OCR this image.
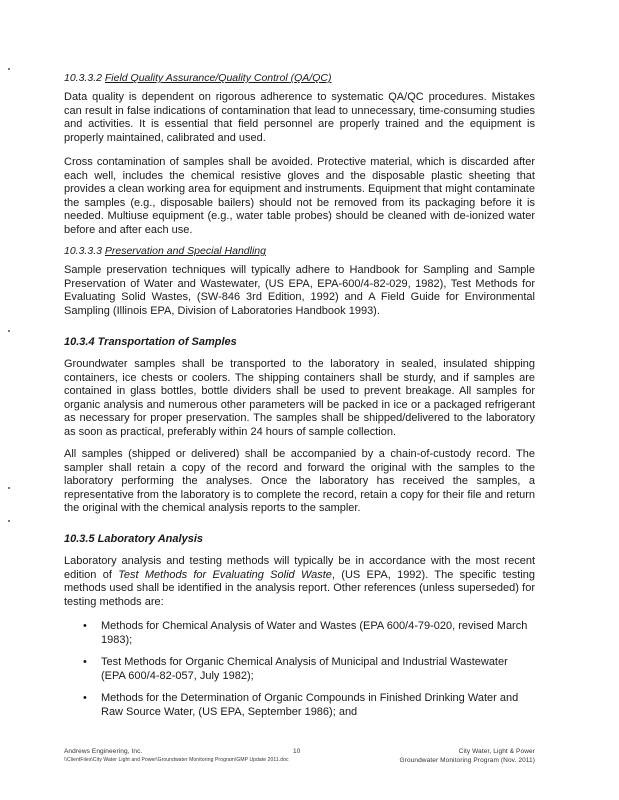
10.3.3.2 Field Quality Assurance/Quality Control (QA/QC)

Data quality is dependent on rigorous adherence to systematic QA/QC procedures. Mistakes can result in false indications of contamination that lead to unnecessary, time-consuming studies and activities. It is essential that field personnel are properly trained and the equipment is properly maintained, calibrated and used.

Cross contamination of samples shall be avoided. Protective material, which is discarded after each well, includes the chemical resistive gloves and the disposable plastic sheeting that provides a clean working area for equipment and instruments. Equipment that might contaminate the samples (e.g., disposable bailers) should not be removed from its packaging before it is needed. Multiuse equipment (e.g., water table probes) should be cleaned with de-ionized water before and after each use.

10.3.3.3 Preservation and Special Handling

Sample preservation techniques will typically adhere to Handbook for Sampling and Sample Preservation of Water and Wastewater, (US EPA, EPA-600/4-82-029, 1982), Test Methods for Evaluating Solid Wastes, (SW-846 3rd Edition, 1992) and A Field Guide for Environmental Sampling (Illinois EPA, Division of Laboratories Handbook 1993).

10.3.4 Transportation of Samples

Groundwater samples shall be transported to the laboratory in sealed, insulated shipping containers, ice chests or coolers. The shipping containers shall be sturdy, and if samples are contained in glass bottles, bottle dividers shall be used to prevent breakage. All samples for organic analysis and numerous other parameters will be packed in ice or a packaged refrigerant as necessary for proper preservation. The samples shall be shipped/delivered to the laboratory as soon as practical, preferably within 24 hours of sample collection.

All samples (shipped or delivered) shall be accompanied by a chain-of-custody record. The sampler shall retain a copy of the record and forward the original with the samples to the laboratory performing the analyses. Once the laboratory has received the samples, a representative from the laboratory is to complete the record, retain a copy for their file and return the original with the chemical analysis reports to the sampler.

10.3.5 Laboratory Analysis

Laboratory analysis and testing methods will typically be in accordance with the most recent edition of Test Methods for Evaluating Solid Waste, (US EPA, 1992). The specific testing methods used shall be identified in the analysis report. Other references (unless superseded) for testing methods are:

• Methods for Chemical Analysis of Water and Wastes (EPA 600/4-79-020, revised March 1983);
• Test Methods for Organic Chemical Analysis of Municipal and Industrial Wastewater (EPA 600/4-82-057, July 1982);
• Methods for the Determination of Organic Compounds in Finished Drinking Water and Raw Source Water, (US EPA, September 1986); and
Andrews Engineering, Inc.
\\ClientFiles\City Water Light and Power\Groundwater Monitoring Program\GMP Update 2011.doc
10	City Water, Light & Power
Groundwater Monitoring Program (Nov. 2011)
